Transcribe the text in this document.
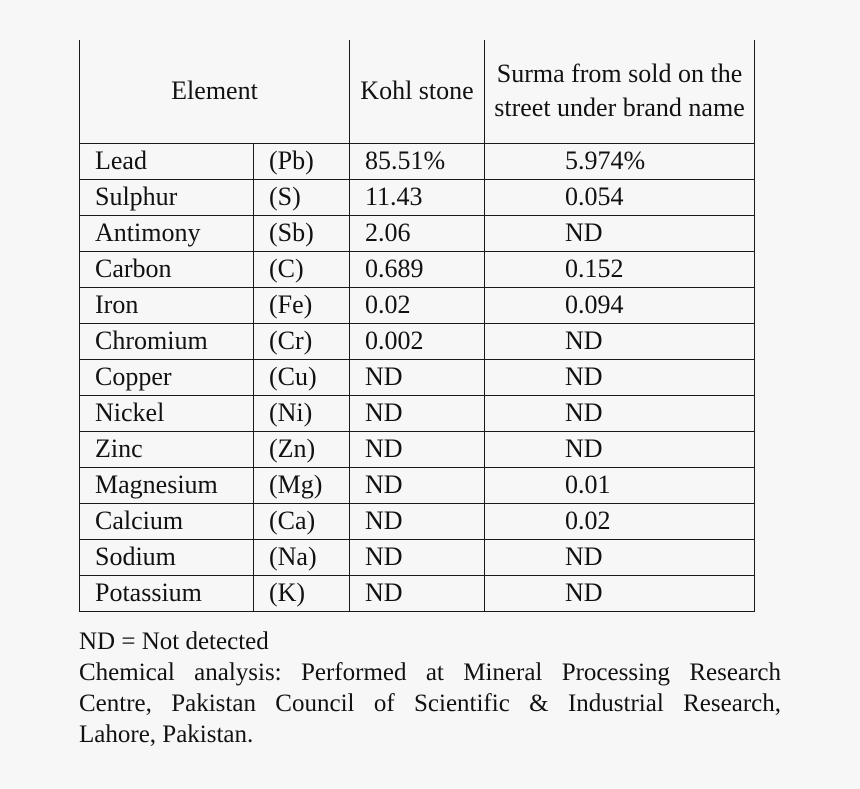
Element		Kohl stone	Surma from sold on the street under brand name
Lead	(Pb)	85.51%	5.974%
Sulphur	(S)	11.43	0.054
Antimony	(Sb)	2.06	ND
Carbon	(C)	0.689	0.152
Iron	(Fe)	0.02	0.094
Chromium	(Cr)	0.002	ND
Copper	(Cu)	ND	ND
Nickel	(Ni)	ND	ND
Zinc	(Zn)	ND	ND
Magnesium	(Mg)	ND	0.01
Calcium	(Ca)	ND	0.02
Sodium	(Na)	ND	ND
Potassium	(K)	ND	ND

ND = Not detected

Chemical analysis: Performed at Mineral Processing Research

Centre, Pakistan Council of Scientific & Industrial Research,

Lahore, Pakistan.
